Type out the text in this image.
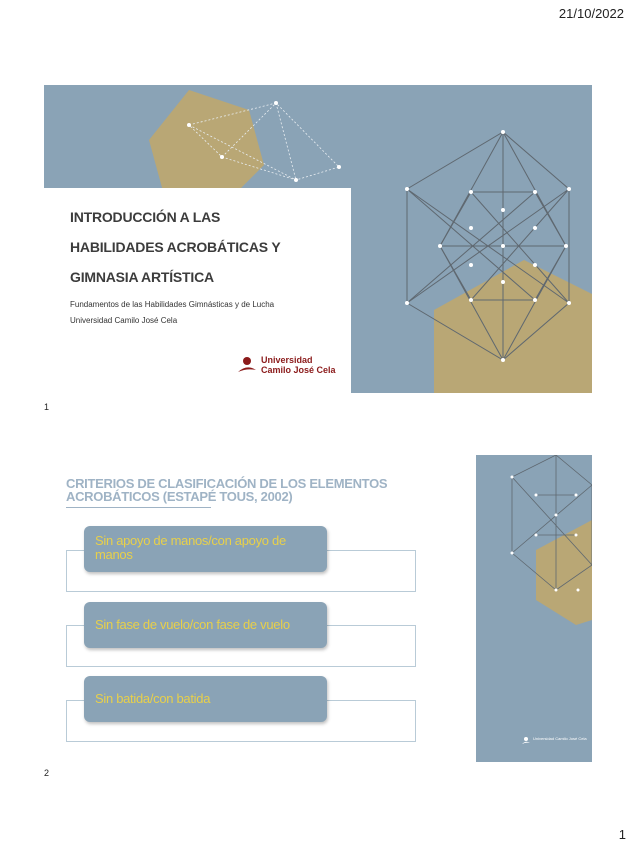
21/10/2022
INTRODUCCIÓN A LAS
HABILIDADES ACROBÁTICAS Y
GIMNASIA ARTÍSTICA
Fundamentos de las Habilidades Gimnásticas y de Lucha
Universidad Camilo José Cela
Universidad
Camilo José Cela
1
CRITERIOS DE CLASIFICACIÓN DE LOS ELEMENTOS ACROBÁTICOS (ESTAPÉ TOUS, 2002)
Sin apoyo de manos/con apoyo de manos
Sin fase de vuelo/con fase de vuelo
Sin batida/con batida
Universidad Camilo José Cela
2
1
